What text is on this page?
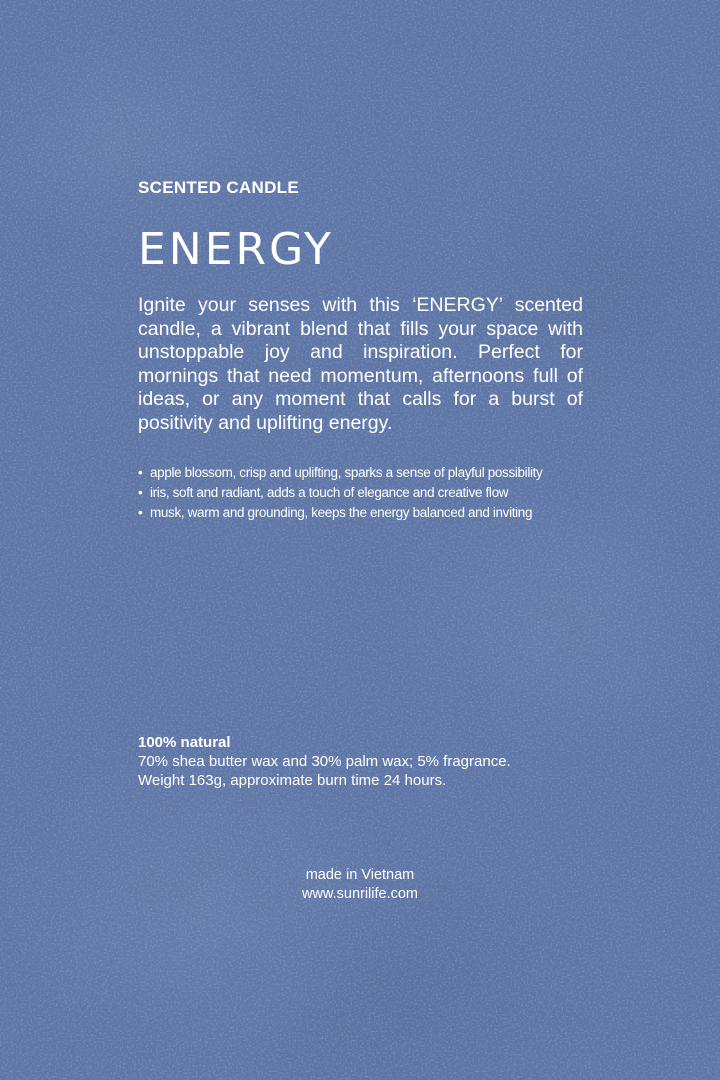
SCENTED CANDLE
ENERGY

Ignite your senses with this ‘ENERGY’ scented candle, a vibrant blend that fills your space with unstoppable joy and inspiration. Perfect for mornings that need momentum, afternoons full of ideas, or any moment that calls for a burst of positivity and uplifting energy.

• apple blossom, crisp and uplifting, sparks a sense of playful possibility
• iris, soft and radiant, adds a touch of elegance and creative flow
• musk, warm and grounding, keeps the energy balanced and inviting
100% natural
70% shea butter wax and 30% palm wax; 5% fragrance.
Weight 163g, approximate burn time 24 hours.
made in Vietnam
www.sunrilife.com
